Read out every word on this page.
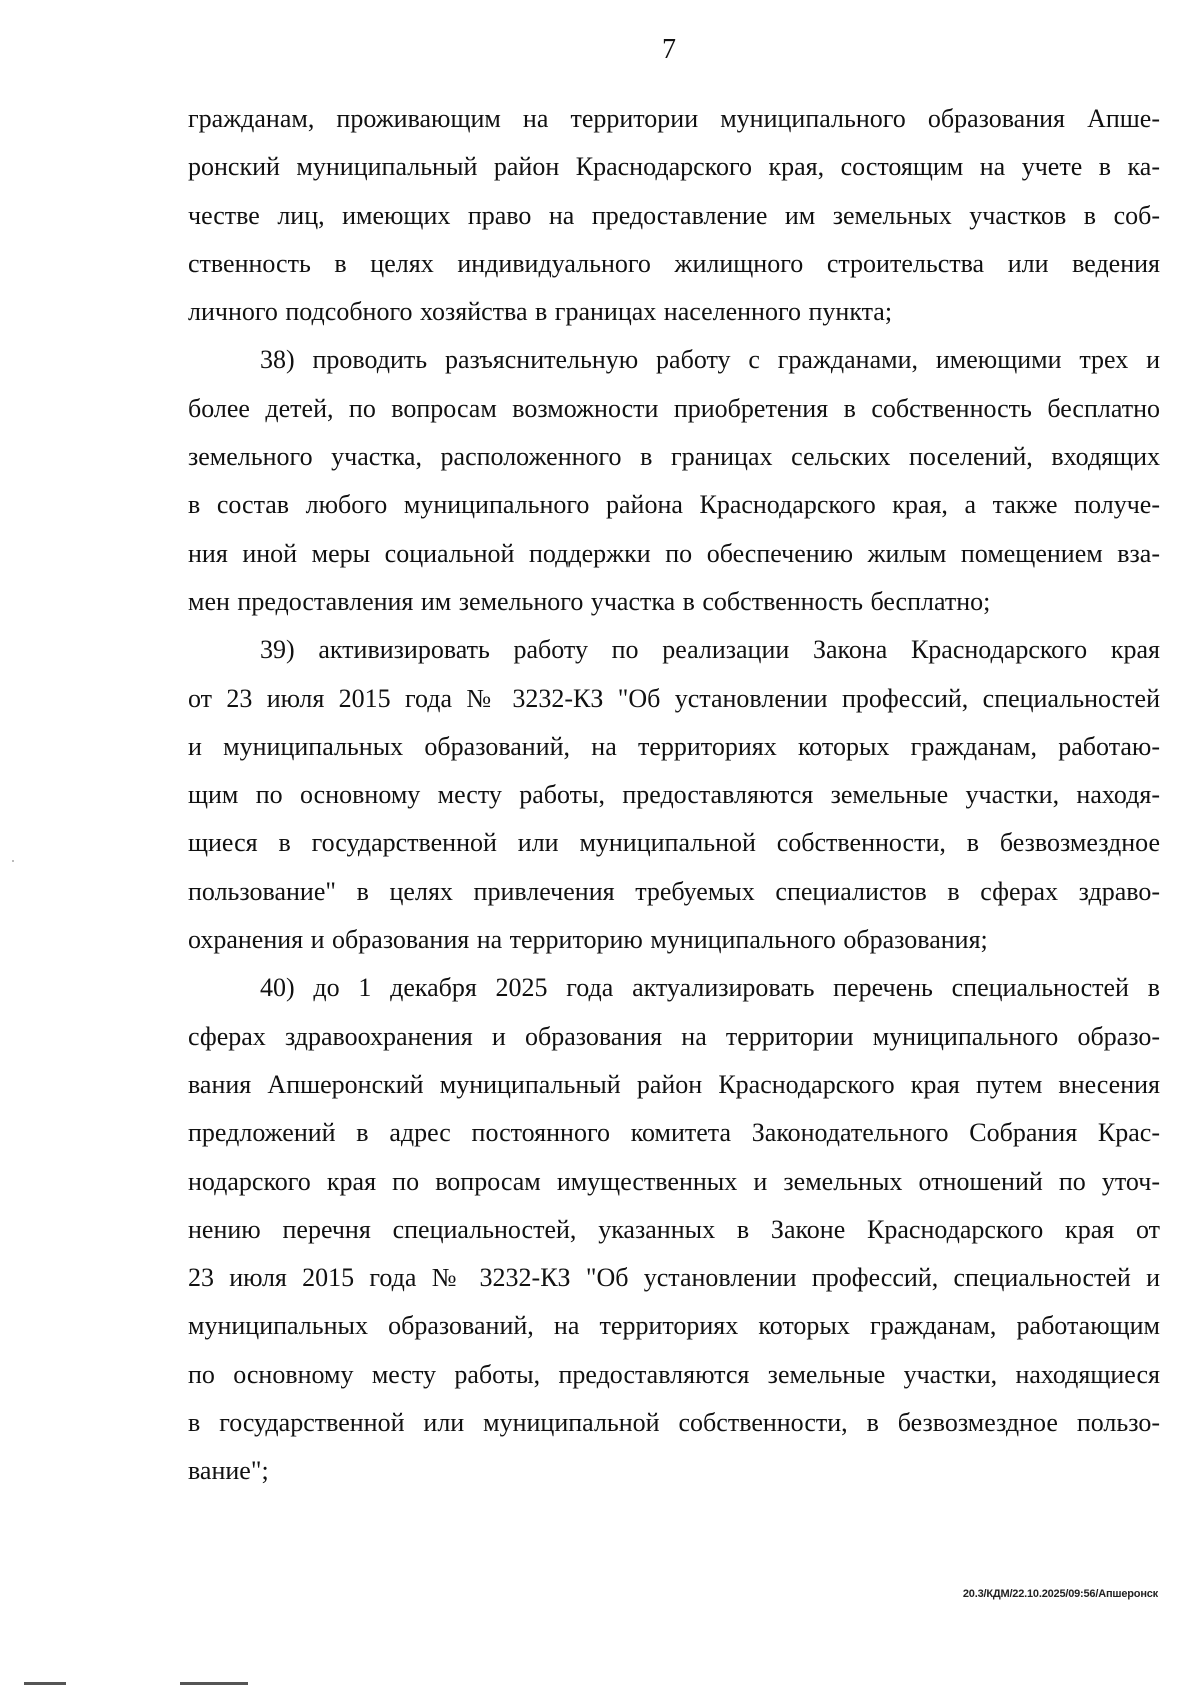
7

гражданам, проживающим на территории муниципального образования Апше-

ронский муниципальный район Краснодарского края, состоящим на учете в ка-

честве лиц, имеющих право на предоставление им земельных участков в соб-

ственность в целях индивидуального жилищного строительства или ведения

личного подсобного хозяйства в границах населенного пункта;

38) проводить разъяснительную работу с гражданами, имеющими трех и

более детей, по вопросам возможности приобретения в собственность бесплатно

земельного участка, расположенного в границах сельских поселений, входящих

в состав любого муниципального района Краснодарского края, а также получе-

ния иной меры социальной поддержки по обеспечению жилым помещением вза-

мен предоставления им земельного участка в собственность бесплатно;

39) активизировать работу по реализации Закона Краснодарского края

от 23 июля 2015 года № 3232-КЗ "Об установлении профессий, специальностей

и муниципальных образований, на территориях которых гражданам, работаю-

щим по основному месту работы, предоставляются земельные участки, находя-

щиеся в государственной или муниципальной собственности, в безвозмездное

пользование" в целях привлечения требуемых специалистов в сферах здраво-

охранения и образования на территорию муниципального образования;

40) до 1 декабря 2025 года актуализировать перечень специальностей в

сферах здравоохранения и образования на территории муниципального образо-

вания Апшеронский муниципальный район Краснодарского края путем внесения

предложений в адрес постоянного комитета Законодательного Собрания Крас-

нодарского края по вопросам имущественных и земельных отношений по уточ-

нению перечня специальностей, указанных в Законе Краснодарского края от

23 июля 2015 года № 3232-КЗ "Об установлении профессий, специальностей и

муниципальных образований, на территориях которых гражданам, работающим

по основному месту работы, предоставляются земельные участки, находящиеся

в государственной или муниципальной собственности, в безвозмездное пользо-

вание";

20.3/КДМ/22.10.2025/09:56/Апшеронск
